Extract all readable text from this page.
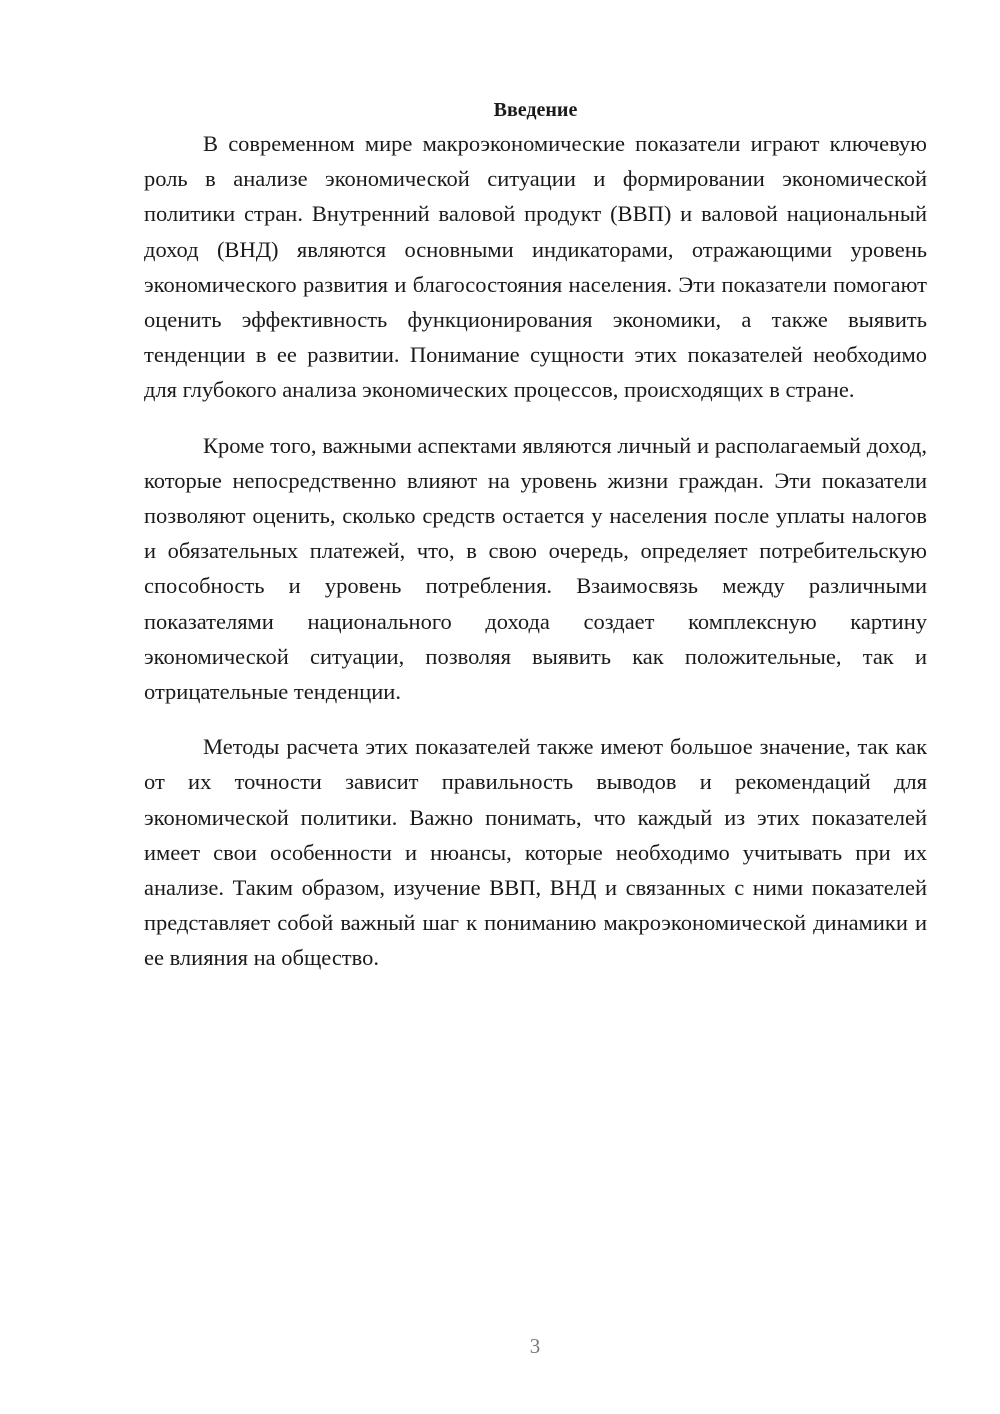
Введение

В современном мире макроэкономические показатели играют ключевую роль в анализе экономической ситуации и формировании экономической политики стран. Внутренний валовой продукт (ВВП) и валовой национальный доход (ВНД) являются основными индикаторами, отражающими уровень экономического развития и благосостояния населения. Эти показатели помогают оценить эффективность функционирования экономики, а также выявить тенденции в ее развитии. Понимание сущности этих показателей необходимо для глубокого анализа экономических процессов, происходящих в стране.

Кроме того, важными аспектами являются личный и располагаемый доход, которые непосредственно влияют на уровень жизни граждан. Эти показатели позволяют оценить, сколько средств остается у населения после уплаты налогов и обязательных платежей, что, в свою очередь, определяет потребительскую способность и уровень потребления. Взаимосвязь между различными показателями национального дохода создает комплексную картину экономической ситуации, позволяя выявить как положительные, так и отрицательные тенденции.

Методы расчета этих показателей также имеют большое значение, так как от их точности зависит правильность выводов и рекомендаций для экономической политики. Важно понимать, что каждый из этих показателей имеет свои особенности и нюансы, которые необходимо учитывать при их анализе. Таким образом, изучение ВВП, ВНД и связанных с ними показателей представляет собой важный шаг к пониманию макроэкономической динамики и ее влияния на общество.

3
